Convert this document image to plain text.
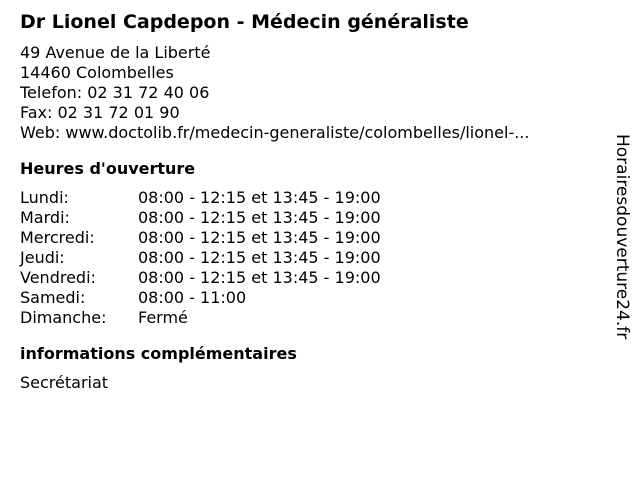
Dr Lionel Capdepon - Médecin généraliste
49 Avenue de la Liberté
14460 Colombelles
Telefon: 02 31 72 40 06
Fax: 02 31 72 01 90
Web: www.doctolib.fr/medecin-generaliste/colombelles/lionel-...
Heures d'ouverture
Lundi:	08:00 - 12:15 et 13:45 - 19:00
Mardi:	08:00 - 12:15 et 13:45 - 19:00
Mercredi:	08:00 - 12:15 et 13:45 - 19:00
Jeudi:	08:00 - 12:15 et 13:45 - 19:00
Vendredi:	08:00 - 12:15 et 13:45 - 19:00
Samedi:	08:00 - 11:00
Dimanche:	Fermé
informations complémentaires
Secrétariat
Horairesdouverture24.fr
